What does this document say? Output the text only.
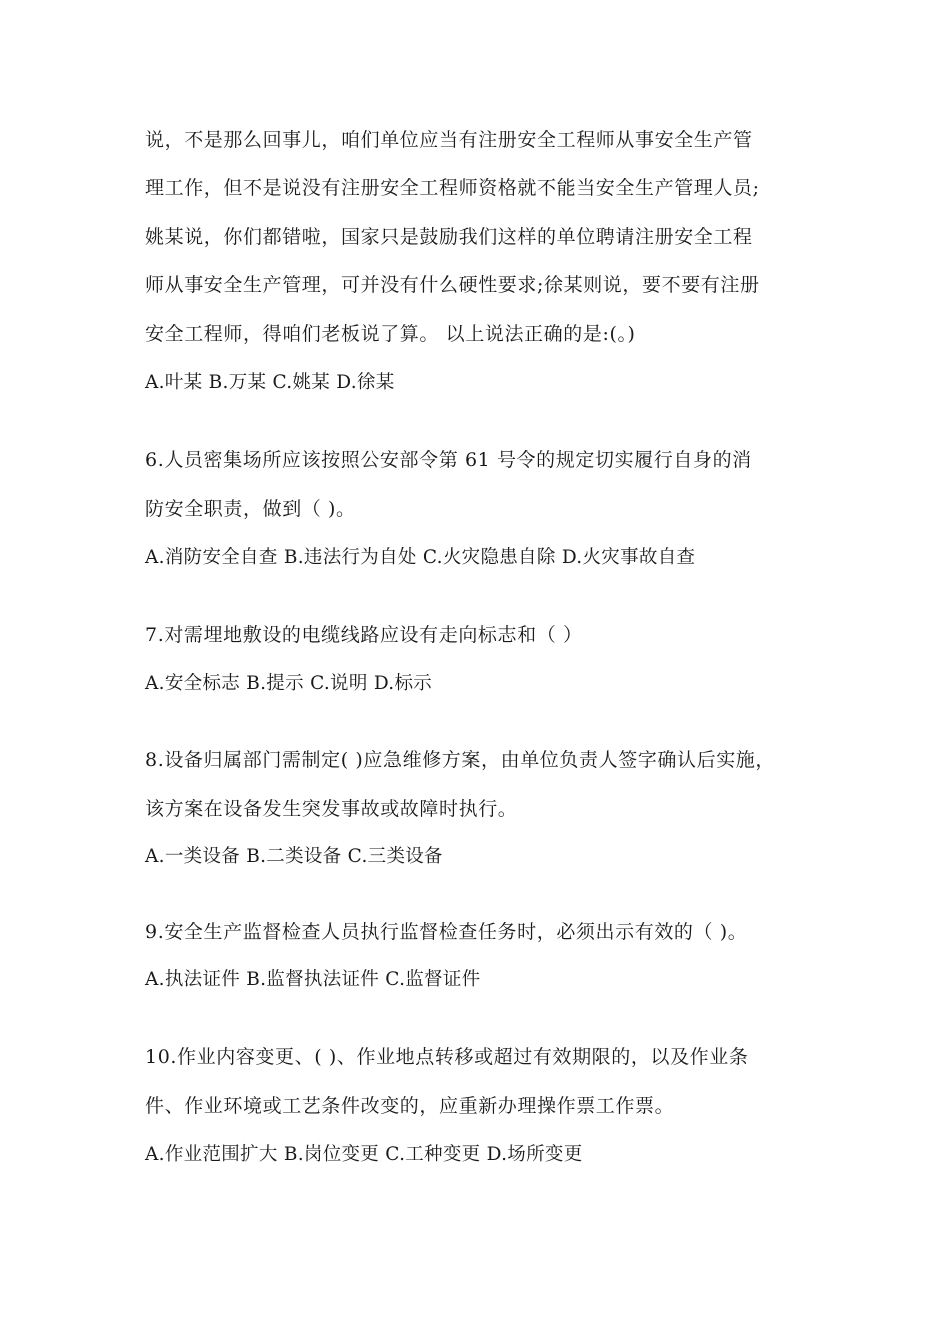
说，不是那么回事儿，咱们单位应当有注册安全工程师从事安全生产管
理工作，但不是说没有注册安全工程师资格就不能当安全生产管理人员;
姚某说，你们都错啦，国家只是鼓励我们这样的单位聘请注册安全工程
师从事安全生产管理，可并没有什么硬性要求;徐某则说，要不要有注册
安全工程师，得咱们老板说了算。 以上说法正确的是:(。)
A.叶某 B.万某 C.姚某 D.徐某
6.人员密集场所应该按照公安部令第 61 号令的规定切实履行自身的消
防安全职责，做到（ )。
A.消防安全自查 B.违法行为自处 C.火灾隐患自除 D.火灾事故自查
7.对需埋地敷设的电缆线路应设有走向标志和（ ）
A.安全标志 B.提示 C.说明 D.标示
8.设备归属部门需制定( )应急维修方案，由单位负责人签字确认后实施，
该方案在设备发生突发事故或故障时执行。
A.一类设备 B.二类设备 C.三类设备
9.安全生产监督检查人员执行监督检查任务时，必须出示有效的（ )。
A.执法证件 B.监督执法证件 C.监督证件
10.作业内容变更、( )、作业地点转移或超过有效期限的，以及作业条
件、作业环境或工艺条件改变的，应重新办理操作票工作票。
A.作业范围扩大 B.岗位变更 C.工种变更 D.场所变更
